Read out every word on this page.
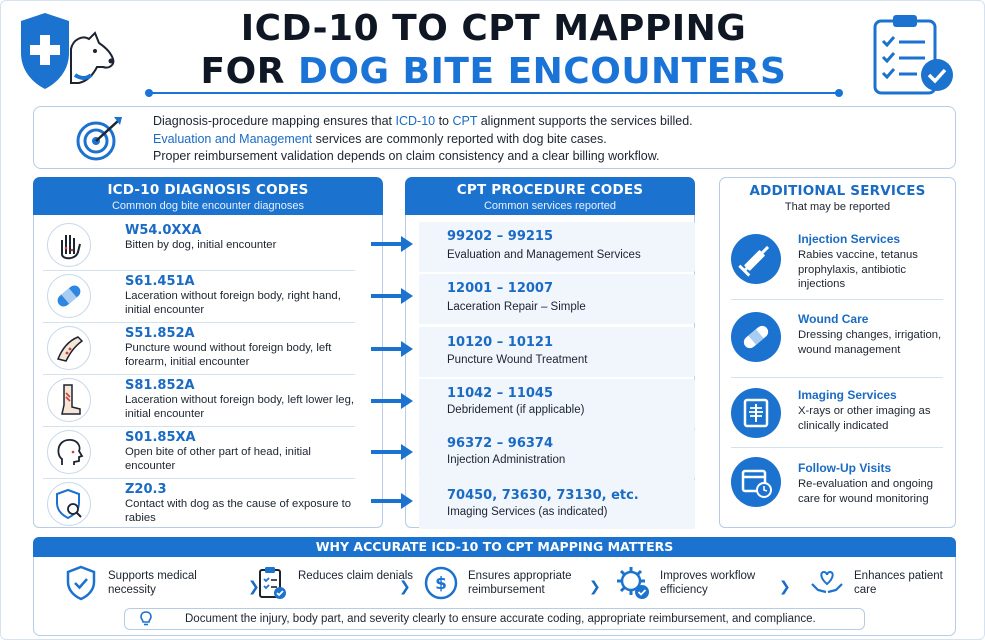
ICD-10 TO CPT MAPPING
FOR DOG BITE ENCOUNTERS
Diagnosis-procedure mapping ensures that ICD-10 to CPT alignment supports the services billed.
Evaluation and Management services are commonly reported with dog bite cases.
Proper reimbursement validation depends on claim consistency and a clear billing workflow.
ICD-10 DIAGNOSIS CODES
Common dog bite encounter diagnoses
CPT PROCEDURE CODES
Common services reported
ADDITIONAL SERVICES
That may be reported
W54.0XXA
Bitten by dog, initial encounter
S61.451A
Laceration without foreign body, right hand, initial encounter
S51.852A
Puncture wound without foreign body, left forearm, initial encounter
S81.852A
Laceration without foreign body, left lower leg, initial encounter
S01.85XA
Open bite of other part of head, initial encounter
Z20.3
Contact with dog as the cause of exposure to rabies
99202 – 99215
Evaluation and Management Services
12001 – 12007
Laceration Repair – Simple
10120 – 10121
Puncture Wound Treatment
11042 – 11045
Debridement (if applicable)
96372 – 96374
Injection Administration
70450, 73630, 73130, etc.
Imaging Services (as indicated)
Injection Services
Rabies vaccine, tetanus prophylaxis, antibiotic injections
Wound Care
Dressing changes, irrigation, wound management
Imaging Services
X-rays or other imaging as clinically indicated
Follow-Up Visits
Re-evaluation and ongoing care for wound monitoring
WHY ACCURATE ICD-10 TO CPT MAPPING MATTERS
Supports medical necessity	❯
Reduces claim denials
❯ $ Ensures appropriate reimbursement	❯
Improves workflow efficiency	❯
Enhances patient care
Document the injury, body part, and severity clearly to ensure accurate coding, appropriate reimbursement, and compliance.
